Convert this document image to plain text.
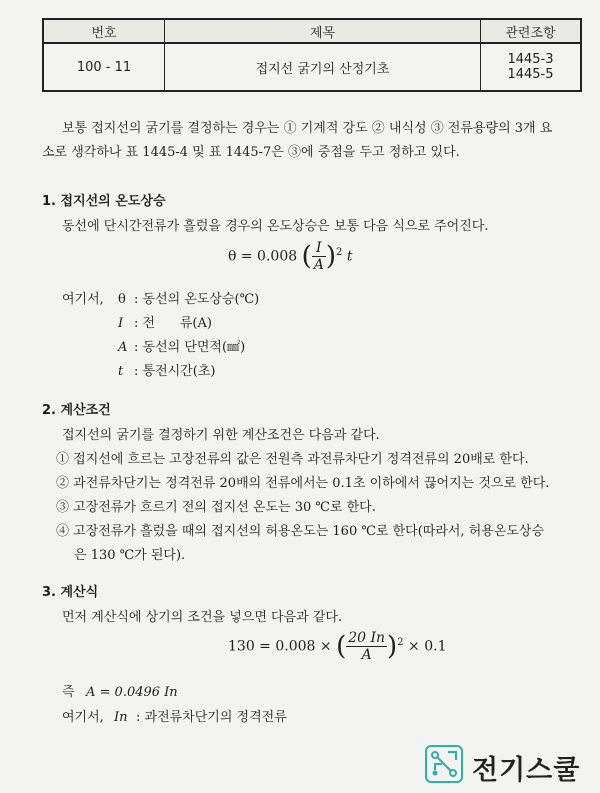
번호	제목	관련조항
100 - 11	접지선 굵기의 산정기초	1445-3
1445-5
보통 접지선의 굵기를 결정하는 경우는 ① 기계적 강도 ② 내식성 ③ 전류용량의 3개 요
소로 생각하나 표 1445-4 및 표 1445-7은 ③에 중점을 두고 정하고 있다.
1. 접지선의 온도상승
동선에 단시간전류가 흘렀을 경우의 온도상승은 보통 다음 식으로 주어진다.
θ = 0.008 ( $\frac{I}{A} )^2$ t
여기서, θ : 동선의 온도상승(℃)
I : 전      류(A)
A : 동선의 단면적(㎟)
t : 통전시간(초)
2. 계산조건
접지선의 굵기를 결정하기 위한 계산조건은 다음과 같다.
① 접지선에 흐르는 고장전류의 값은 전원측 과전류차단기 정격전류의 20배로 한다.
② 과전류차단기는 정격전류 20배의 전류에서는 0.1초 이하에서 끊어지는 것으로 한다.
③ 고장전류가 흐르기 전의 접지선 온도는 30 ℃로 한다.
④ 고장전류가 흘렀을 때의 접지선의 허용온도는 160 ℃로 한다(따라서, 허용온도상승
은 130 ℃가 된다).
3. 계산식
먼저 계산식에 상기의 조건을 넣으면 다음과 같다.
130 = 0.008 × ( $\frac{20 In}{A} )^2 \times 0.1$
즉 A = 0.0496 In
여기서, In : 과전류차단기의 정격전류
전기스쿨
